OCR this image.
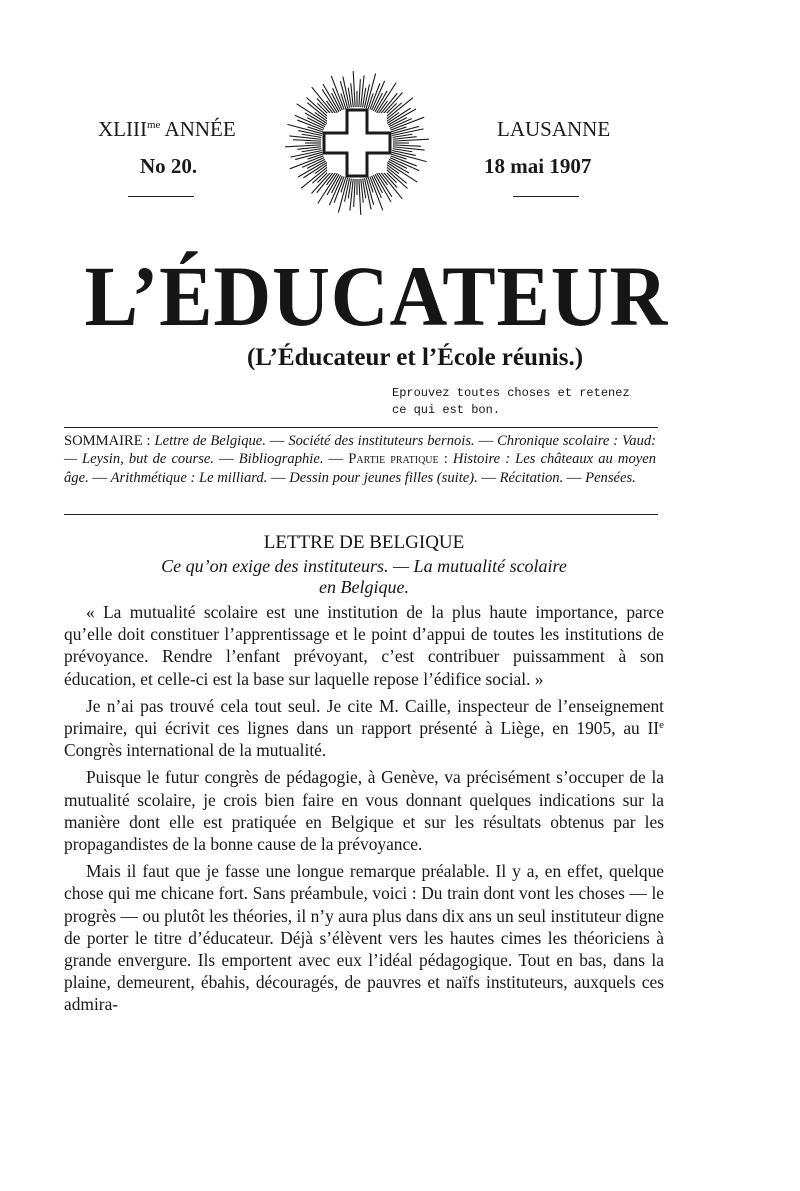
$XLIII^{me}$ ANNÉE
No 20.
LAUSANNE
18 mai 1907
L’ÉDUCATEUR
(L’Éducateur et l’École réunis.)
Eprouvez toutes choses et retenez
ce qui est bon.
SOMMAIRE : Lettre de Belgique. — Société des instituteurs bernois. — Chronique scolaire : Vaud: — Leysin, but de course. — Bibliographie. — Partie pratique : Histoire : Les châteaux au moyen âge. — Arithmétique : Le milliard. — Dessin pour jeunes filles (suite). — Récitation. — Pensées.
LETTRE DE BELGIQUE
Ce qu’on exige des instituteurs. — La mutualité scolaire
en Belgique.

« La mutualité scolaire est une institution de la plus haute importance, parce qu’elle doit constituer l’apprentissage et le point d’appui de toutes les institutions de prévoyance. Rendre l’enfant prévoyant, c’est contribuer puissamment à son éducation, et celle-ci est la base sur laquelle repose l’édifice social. »

Je n’ai pas trouvé cela tout seul. Je cite M. Caille, inspecteur de l’enseignement primaire, qui écrivit ces lignes dans un rapport présenté à Liège, en 1905, au IIe Congrès international de la mutualité.

Puisque le futur congrès de pédagogie, à Genève, va précisément s’occuper de la mutualité scolaire, je crois bien faire en vous donnant quelques indications sur la manière dont elle est pratiquée en Belgique et sur les résultats obtenus par les propagandistes de la bonne cause de la prévoyance.

Mais il faut que je fasse une longue remarque préalable. Il y a, en effet, quelque chose qui me chicane fort. Sans préambule, voici : Du train dont vont les choses — le progrès — ou plutôt les théories, il n’y aura plus dans dix ans un seul instituteur digne de porter le titre d’éducateur. Déjà s’élèvent vers les hautes cimes les théoriciens à grande envergure. Ils emportent avec eux l’idéal pédagogique. Tout en bas, dans la plaine, demeurent, ébahis, découragés, de pauvres et naïfs instituteurs, auxquels ces admira-
